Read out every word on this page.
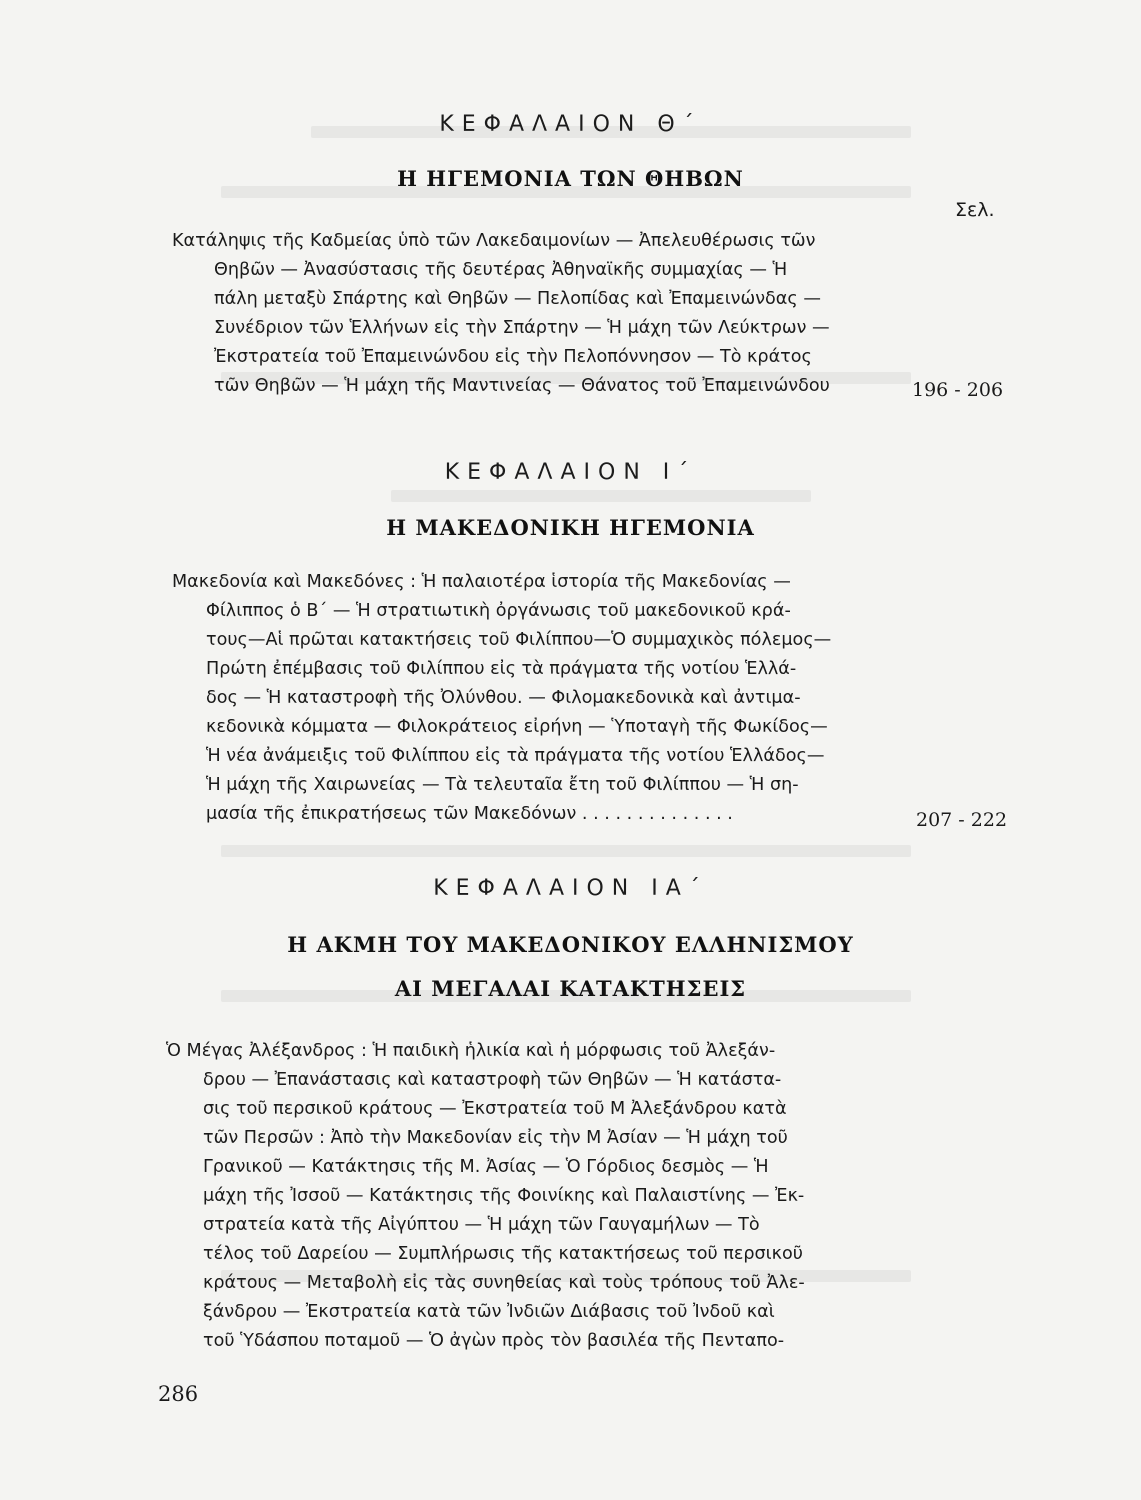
ΚΕΦΑΛΑΙΟΝ Θ΄
Η ΗΓΕΜΟΝΙΑ ΤΩΝ ΘΗΒΩΝ
Σελ.
Κατάληψις τῆς Καδμείας ὑπὸ τῶν Λακεδαιμονίων — Ἀπελευθέρωσις τῶν
Θηβῶν — Ἀνασύστασις τῆς δευτέρας Ἀθηναϊκῆς συμμαχίας — Ἡ
πάλη μεταξὺ Σπάρτης καὶ Θηβῶν — Πελοπίδας καὶ Ἐπαμεινώνδας —
Συνέδριον τῶν Ἑλλήνων εἰς τὴν Σπάρτην — Ἡ μάχη τῶν Λεύκτρων —
Ἐκστρατεία τοῦ Ἐπαμεινώνδου εἰς τὴν Πελοπόννησον — Τὸ κράτος
τῶν Θηβῶν — Ἡ μάχη τῆς Μαντινείας — Θάνατος τοῦ Ἐπαμεινώνδου	196 - 206
ΚΕΦΑΛΑΙΟΝ Ι΄
Η ΜΑΚΕΔΟΝΙΚΗ ΗΓΕΜΟΝΙΑ
Μακεδονία καὶ Μακεδόνες : Ἡ παλαιοτέρα ἱστορία τῆς Μακεδονίας —
Φίλιππος ὁ Β΄ — Ἡ στρατιωτικὴ ὀργάνωσις τοῦ μακεδονικοῦ κρά-
τους—Αἱ πρῶται κατακτήσεις τοῦ Φιλίππου—Ὁ συμμαχικὸς πόλεμος—
Πρώτη ἐπέμβασις τοῦ Φιλίππου εἰς τὰ πράγματα τῆς νοτίου Ἑλλά-
δος — Ἡ καταστροφὴ τῆς Ὀλύνθου. — Φιλομακεδονικὰ καὶ ἀντιμα-
κεδονικὰ κόμματα — Φιλοκράτειος εἰρήνη — Ὑποταγὴ τῆς Φωκίδος—
Ἡ νέα ἀνάμειξις τοῦ Φιλίππου εἰς τὰ πράγματα τῆς νοτίου Ἑλλάδος—
Ἡ μάχη τῆς Χαιρωνείας — Τὰ τελευταῖα ἔτη τοῦ Φιλίππου — Ἡ ση-
μασία τῆς ἐπικρατήσεως τῶν Μακεδόνων . . . . . . . . . . . . . .	207 - 222
ΚΕΦΑΛΑΙΟΝ ΙΑ΄
Η ΑΚΜΗ ΤΟΥ ΜΑΚΕΔΟΝΙΚΟΥ ΕΛΛΗΝΙΣΜΟΥ
ΑΙ ΜΕΓΑΛΑΙ ΚΑΤΑΚΤΗΣΕΙΣ
Ὁ Μέγας Ἀλέξανδρος : Ἡ παιδικὴ ἡλικία καὶ ἡ μόρφωσις τοῦ Ἀλεξάν-
δρου — Ἐπανάστασις καὶ καταστροφὴ τῶν Θηβῶν — Ἡ κατάστα-
σις τοῦ περσικοῦ κράτους — Ἐκστρατεία τοῦ Μ Ἀλεξάνδρου κατὰ
τῶν Περσῶν : Ἀπὸ τὴν Μακεδονίαν εἰς τὴν Μ Ἀσίαν — Ἡ μάχη τοῦ
Γρανικοῦ — Κατάκτησις τῆς Μ. Ἀσίας — Ὁ Γόρδιος δεσμὸς — Ἡ
μάχη τῆς Ἰσσοῦ — Κατάκτησις τῆς Φοινίκης καὶ Παλαιστίνης — Ἐκ-
στρατεία κατὰ τῆς Αἰγύπτου — Ἡ μάχη τῶν Γαυγαμήλων — Τὸ
τέλος τοῦ Δαρείου — Συμπλήρωσις τῆς κατακτήσεως τοῦ περσικοῦ
κράτους — Μεταβολὴ εἰς τὰς συνηθείας καὶ τοὺς τρόπους τοῦ Ἀλε-
ξάνδρου — Ἐκστρατεία κατὰ τῶν Ἰνδιῶν Διάβασις τοῦ Ἰνδοῦ καὶ
τοῦ Ὑδάσπου ποταμοῦ — Ὁ ἀγὼν πρὸς τὸν βασιλέα τῆς Πενταπο-
286
